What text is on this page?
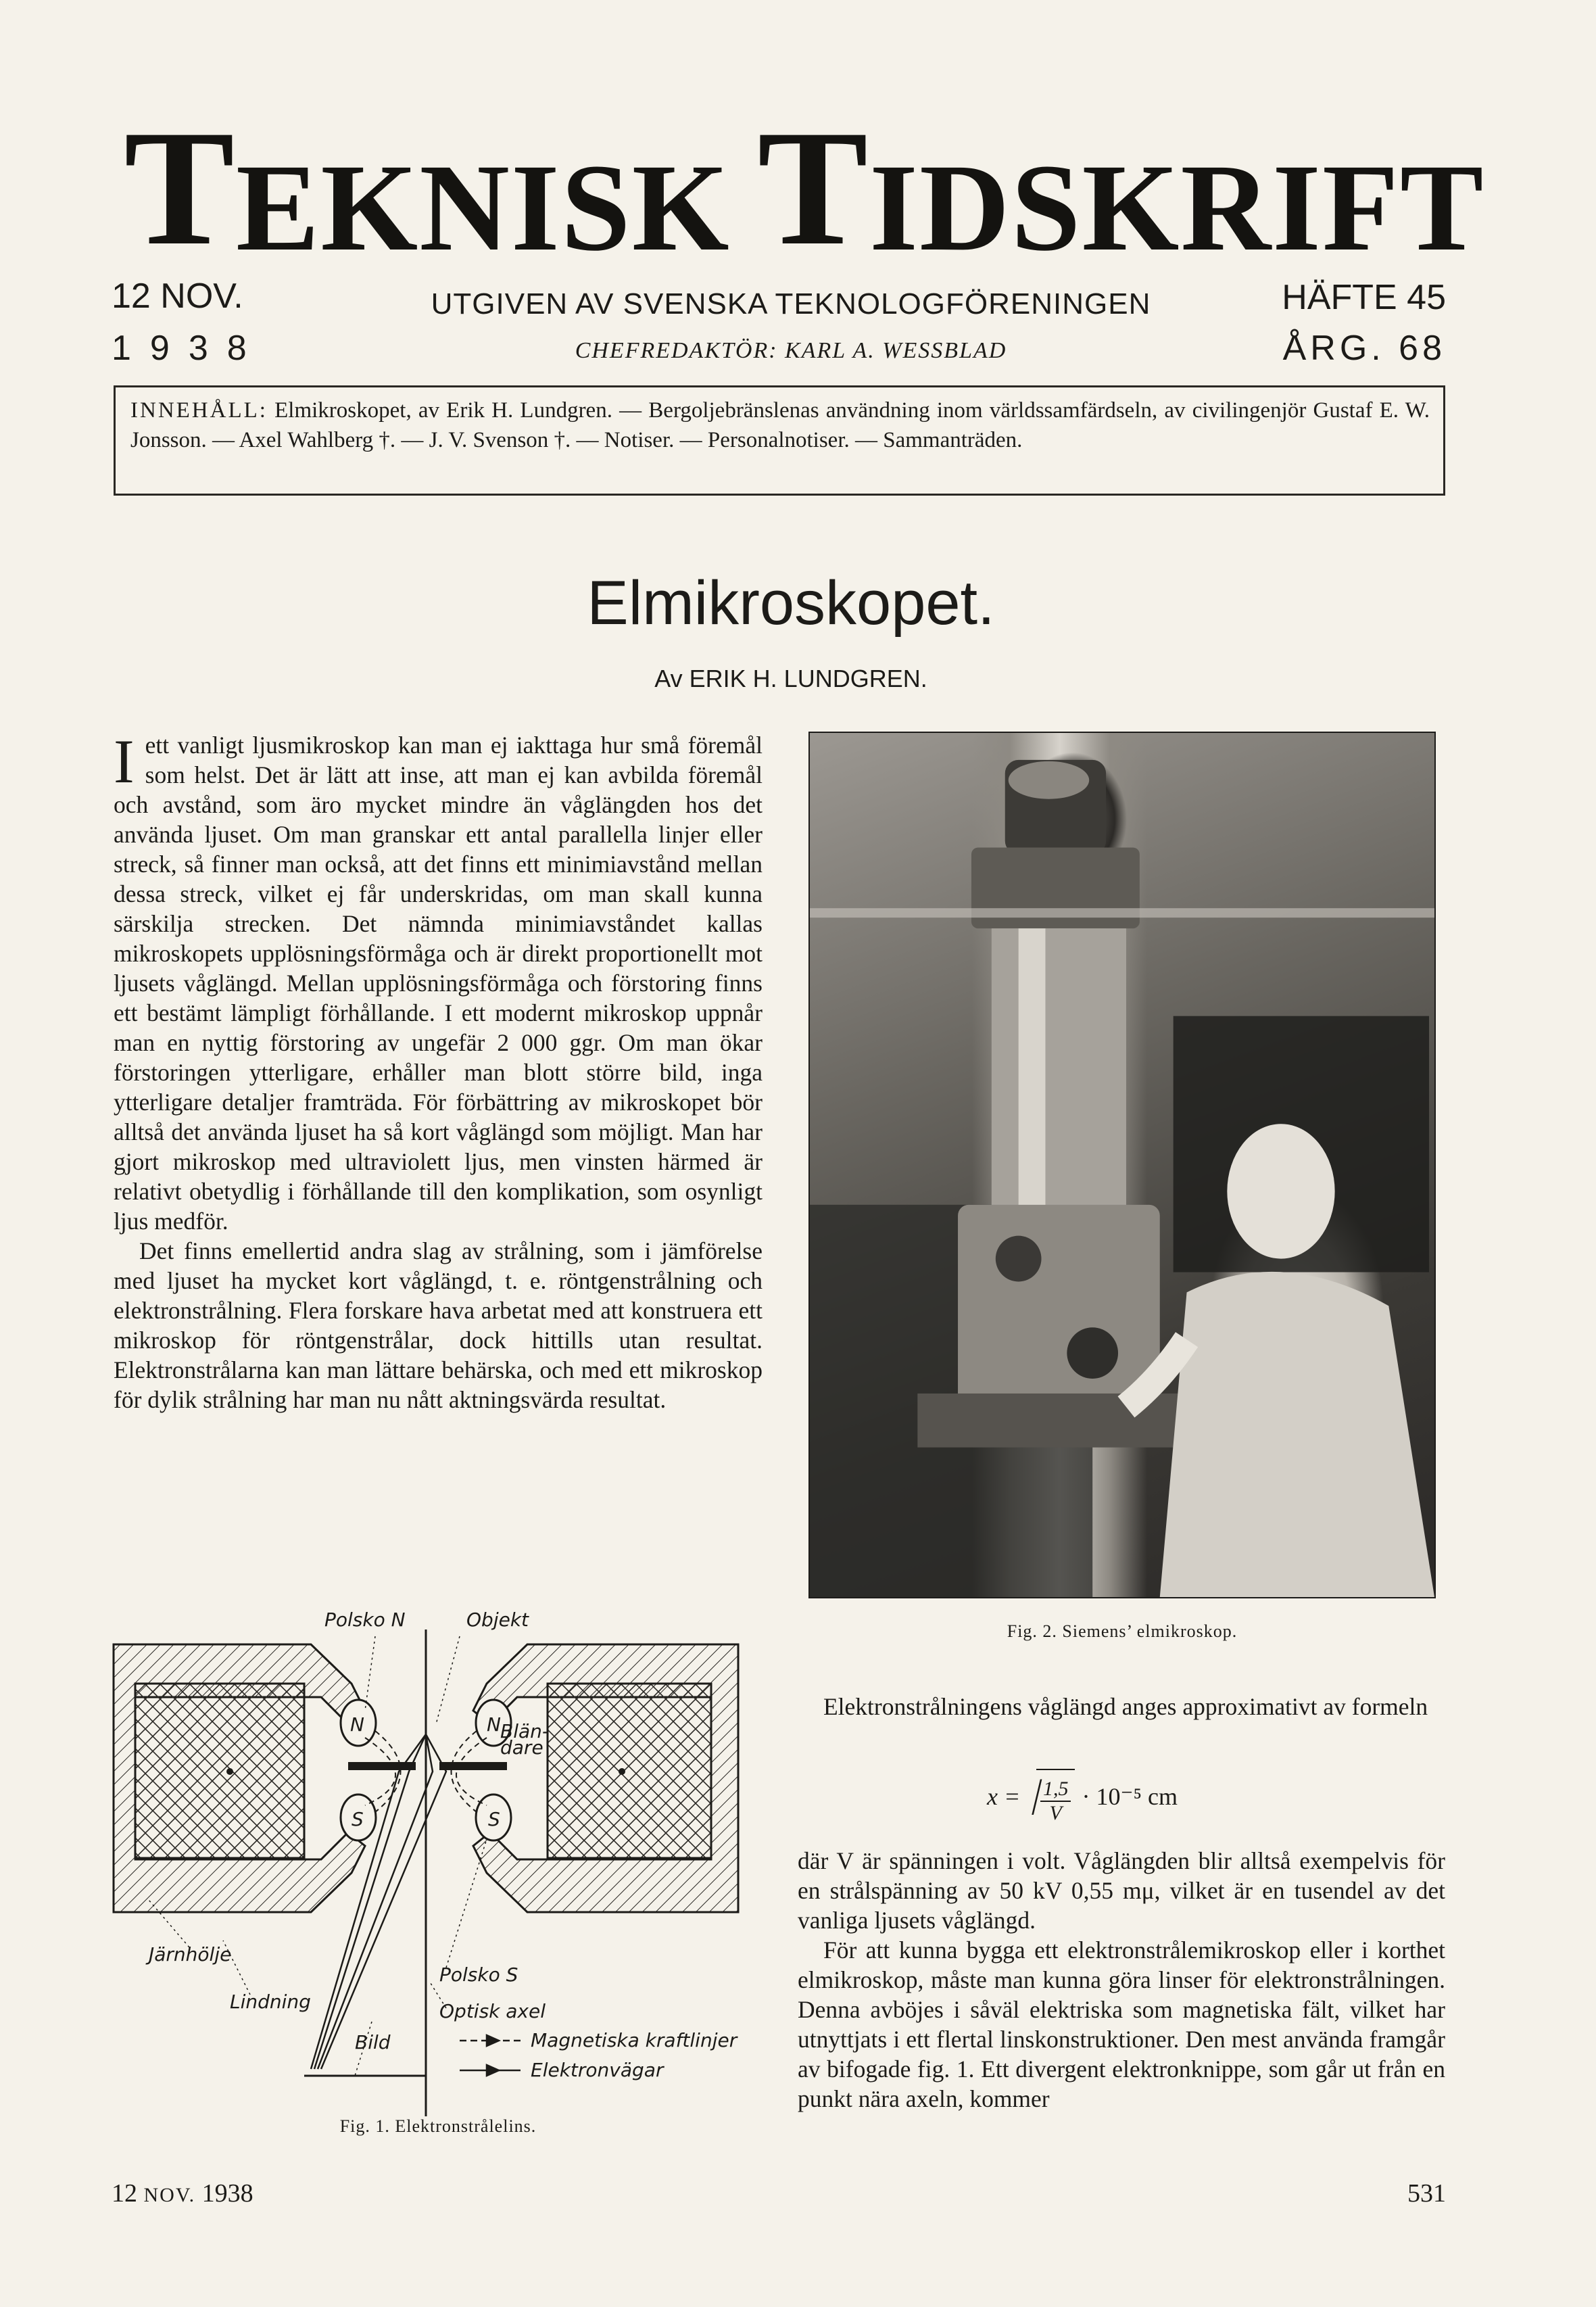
T EKNISK T IDSKRIFT
12 NOV.
1938
UTGIVEN AV SVENSKA TEKNOLOGFÖRENINGEN
CHEFREDAKTÖR: KARL A. WESSBLAD
HÄFTE 45
ÅRG. 68
INNEHÅLL: Elmikroskopet, av Erik H. Lundgren. — Bergoljebränslenas användning inom världssamfärdseln, av civilingenjör Gustaf E. W. Jonsson. — Axel Wahlberg †. — J. V. Svenson †. — Notiser. — Personalnotiser. — Sammanträden.
Elmikroskopet.
Av ERIK H. LUNDGREN.

Iett vanligt ljusmikroskop kan man ej iakttaga hur små föremål som helst. Det är lätt att inse, att man ej kan avbilda föremål och avstånd, som äro mycket mindre än våglängden hos det använda ljuset. Om man granskar ett antal parallella linjer eller streck, så finner man också, att det finns ett minimiavstånd mellan dessa streck, vilket ej får underskridas, om man skall kunna särskilja strecken. Det nämnda minimiavståndet kallas mikroskopets upplösningsförmåga och är direkt proportionellt mot ljusets våglängd. Mellan upplösningsförmåga och förstoring finns ett bestämt lämpligt förhållande. I ett modernt mikroskop uppnår man en nyttig förstoring av ungefär 2 000 ggr. Om man ökar förstoringen ytterligare, erhåller man blott större bild, inga ytterligare detaljer framträda. För förbättring av mikroskopet bör alltså det använda ljuset ha så kort våglängd som möjligt. Man har gjort mikroskop med ultraviolett ljus, men vinsten härmed är relativt obetydlig i förhållande till den komplikation, som osynligt ljus medför.

Det finns emellertid andra slag av strålning, som i jämförelse med ljuset ha mycket kort våglängd, t. e. röntgenstrålning och elektronstrålning. Flera forskare hava arbetat med att konstruera ett mikroskop för röntgenstrålar, dock hittills utan resultat. Elektronstrålarna kan man lättare behärska, och med ett mikroskop för dylik strålning har man nu nått aktningsvärda resultat.

Fig. 2. Siemens’ elmikroskop.

Elektronstrålningens våglängd anges approximativt av formeln

x = /
$\frac{1,5}{V} \cdot 10^{-5}$ cm

där V är spänningen i volt. Våglängden blir alltså exempelvis för en strålspänning av 50 kV 0,55 mμ, vilket är en tusendel av det vanliga ljusets våglängd.

För att kunna bygga ett elektronstrålemikroskop eller i korthet elmikroskop, måste man kunna göra linser för elektronstrålningen. Denna avböjes i såväl elektriska som magnetiska fält, vilket har utnyttjats i ett flertal linskonstruktioner. Den mest använda framgår av bifogade fig. 1. Ett divergent elektronknippe, som går ut från en punkt nära axeln, kommer

Polsko N	Objekt
Blän-
dare
N	N
S	S
Järnhölje
Lindning
Polsko S
Optisk axel
Bild	Magnetiska kraftlinjer
Elektronvägar
Fig. 1. Elektronstrålelins.
12 NOV. 1938	531
